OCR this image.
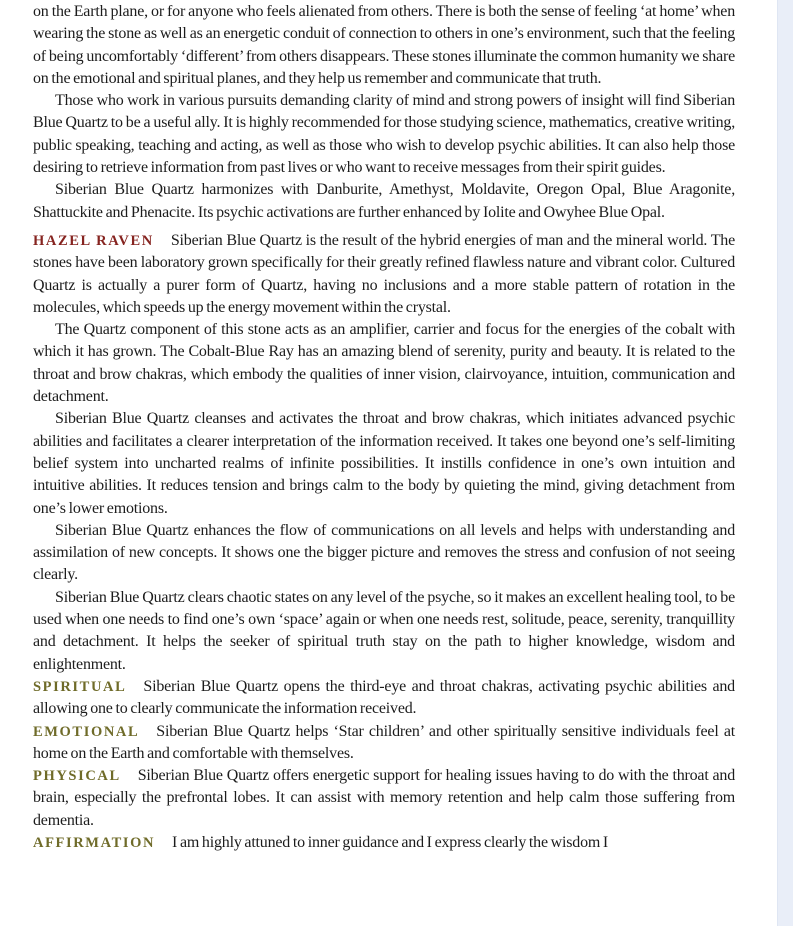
on the Earth plane, or for anyone who feels alienated from others. There is both the sense of feeling ‘at home’ when wearing the stone as well as an energetic conduit of connection to others in one’s environment, such that the feeling of being uncomfortably ‘different’ from others disappears. These stones illuminate the common humanity we share on the emotional and spiritual planes, and they help us remember and communicate that truth.

Those who work in various pursuits demanding clarity of mind and strong powers of insight will find Siberian Blue Quartz to be a useful ally. It is highly recommended for those studying science, mathematics, creative writing, public speaking, teaching and acting, as well as those who wish to develop psychic abilities. It can also help those desiring to retrieve information from past lives or who want to receive messages from their spirit guides.

Siberian Blue Quartz harmonizes with Danburite, Amethyst, Moldavite, Oregon Opal, Blue Aragonite, Shattuckite and Phenacite. Its psychic activations are further enhanced by Iolite and Owyhee Blue Opal.

HAZEL RAVEN Siberian Blue Quartz is the result of the hybrid energies of man and the mineral world. The stones have been laboratory grown specifically for their greatly refined flawless nature and vibrant color. Cultured Quartz is actually a purer form of Quartz, having no inclusions and a more stable pattern of rotation in the molecules, which speeds up the energy movement within the crystal.

The Quartz component of this stone acts as an amplifier, carrier and focus for the energies of the cobalt with which it has grown. The Cobalt-Blue Ray has an amazing blend of serenity, purity and beauty. It is related to the throat and brow chakras, which embody the qualities of inner vision, clairvoyance, intuition, communication and detachment.

Siberian Blue Quartz cleanses and activates the throat and brow chakras, which initiates advanced psychic abilities and facilitates a clearer interpretation of the information received. It takes one beyond one’s self-limiting belief system into uncharted realms of infinite possibilities. It instills confidence in one’s own intuition and intuitive abilities. It reduces tension and brings calm to the body by quieting the mind, giving detachment from one’s lower emotions.

Siberian Blue Quartz enhances the flow of communications on all levels and helps with understanding and assimilation of new concepts. It shows one the bigger picture and removes the stress and confusion of not seeing clearly.

Siberian Blue Quartz clears chaotic states on any level of the psyche, so it makes an excellent healing tool, to be used when one needs to find one’s own ‘space’ again or when one needs rest, solitude, peace, serenity, tranquillity and detachment. It helps the seeker of spiritual truth stay on the path to higher knowledge, wisdom and enlightenment.

SPIRITUAL Siberian Blue Quartz opens the third-eye and throat chakras, activating psychic abilities and allowing one to clearly communicate the information received.

EMOTIONAL Siberian Blue Quartz helps ‘Star children’ and other spiritually sensitive individuals feel at home on the Earth and comfortable with themselves.

PHYSICAL Siberian Blue Quartz offers energetic support for healing issues having to do with the throat and brain, especially the prefrontal lobes. It can assist with memory retention and help calm those suffering from dementia.

AFFIRMATION I am highly attuned to inner guidance and I express clearly the wisdom I
